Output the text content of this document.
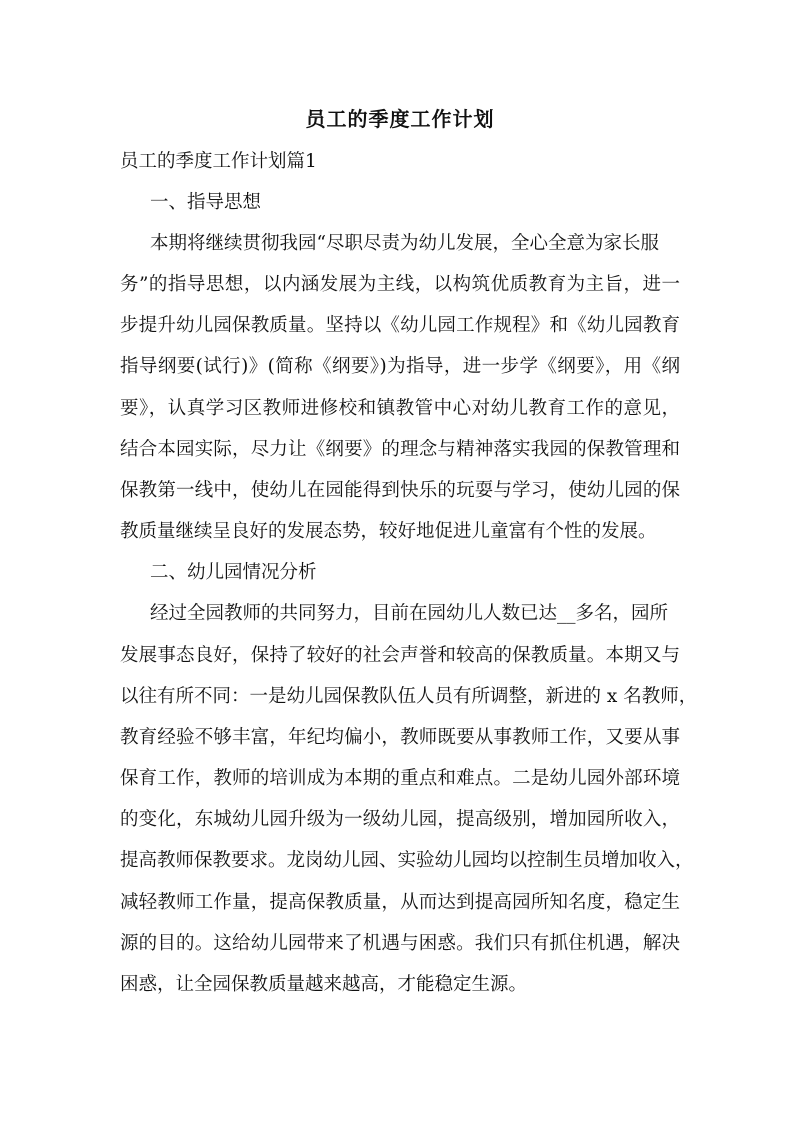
员工的季度工作计划
员工的季度工作计划篇1
一、指导思想
本期将继续贯彻我园“尽职尽责为幼儿发展，全心全意为家长服
务”的指导思想，以内涵发展为主线，以构筑优质教育为主旨，进一
步提升幼儿园保教质量。坚持以《幼儿园工作规程》和《幼儿园教育
指导纲要(试行)》(简称《纲要》)为指导，进一步学《纲要》，用《纲
要》，认真学习区教师进修校和镇教管中心对幼儿教育工作的意见，
结合本园实际，尽力让《纲要》的理念与精神落实我园的保教管理和
保教第一线中，使幼儿在园能得到快乐的玩耍与学习，使幼儿园的保
教质量继续呈良好的发展态势，较好地促进儿童富有个性的发展。
二、幼儿园情况分析
经过全园教师的共同努力，目前在园幼儿人数已达__多名，园所
发展事态良好，保持了较好的社会声誉和较高的保教质量。本期又与
以往有所不同：一是幼儿园保教队伍人员有所调整，新进的 x 名教师，
教育经验不够丰富，年纪均偏小，教师既要从事教师工作，又要从事
保育工作，教师的培训成为本期的重点和难点。二是幼儿园外部环境
的变化，东城幼儿园升级为一级幼儿园，提高级别，增加园所收入，
提高教师保教要求。龙岗幼儿园、实验幼儿园均以控制生员增加收入，
减轻教师工作量，提高保教质量，从而达到提高园所知名度，稳定生
源的目的。这给幼儿园带来了机遇与困惑。我们只有抓住机遇，解决
困惑，让全园保教质量越来越高，才能稳定生源。
